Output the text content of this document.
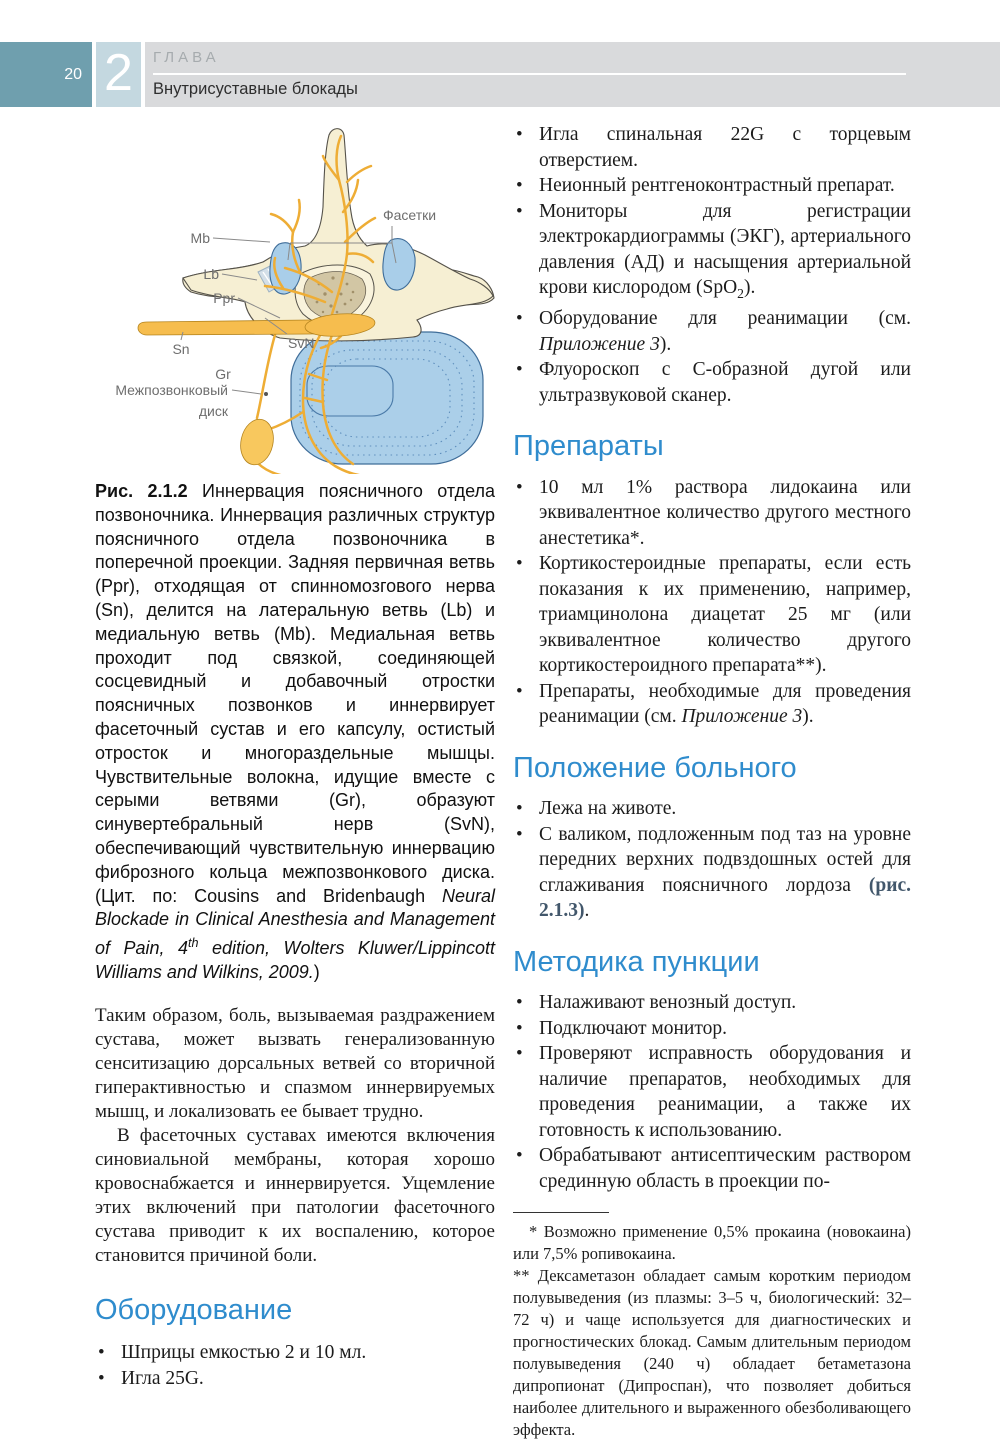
20 2	ГЛАВА
Внутрисуставные блокады
Фасетки
Mb
Lb
Ppr
Sn	SvN
Gr
Межпозвонковый
диск
Рис. 2.1.2 Иннервация поясничного отдела позвоночника. Иннервация различных структур поясничного отдела позвоночника в поперечной проекции. Задняя первичная ветвь (Ppr), отходящая от спинномозгового нерва (Sn), делится на латеральную ветвь (Lb) и медиальную ветвь (Mb). Медиальная ветвь проходит под связкой, соединяющей сосцевидный и добавочный отростки поясничных позвонков и иннервирует фасеточный сустав и его капсулу, остистый отросток и многораздельные мышцы. Чувствительные волокна, идущие вместе с серыми ветвями (Gr), образуют синувертебральный нерв (SvN), обеспечивающий чувствительную иннервацию фиброзного кольца межпозвонкового диска. (Цит. по: Cousins and Bridenbaugh Neural Blockade in Clinical Anesthesia and Management of Pain, 4th edition, Wolters Kluwer/Lippincott Williams and Wilkins, 2009.)

Таким образом, боль, вызываемая раздражением сустава, может вызвать генерализованную сенситизацию дорсальных ветвей со вторичной гиперактивностью и спазмом иннервируемых мышц, и локализовать ее бывает трудно.

В фасеточных суставах имеются включения синовиальной мембраны, которая хорошо кровоснабжается и иннервируется. Ущемление этих включений при патологии фасеточного сустава приводит к их воспалению, которое становится причиной боли.

Оборудование
• Шприцы емкостью 2 и 10 мл.
• Игла 25G.
• Игла спинальная 22G с торцевым отверстием.
• Неионный рентгеноконтрастный препарат.
• Мониторы для регистрации электрокардиограммы (ЭКГ), артериального давления (АД) и насыщения артериальной крови кислородом (SpO$_2$).
• Оборудование для реанимации (см. Приложение 3).
• Флуороскоп с С-образной дугой или ультразвуковой сканер.
Препараты
• 10 мл 1% раствора лидокаина или эквивалентное количество другого местного анестетика*.
• Кортикостероидные препараты, если есть показания к их применению, например, триамцинолона диацетат 25 мг (или эквивалентное количество другого кортикостероидного препарата**).
• Препараты, необходимые для проведения реанимации (см. Приложение 3).
Положение больного
• Лежа на животе.
• С валиком, подложенным под таз на уровне передних верхних подвздошных остей для сглаживания поясничного лордоза (рис. 2.1.3).
Методика пункции
• Налаживают венозный доступ.
• Подключают монитор.
• Проверяют исправность оборудования и наличие препаратов, необходимых для проведения реанимации, а также их готовность к использованию.
• Обрабатывают антисептическим раствором срединную область в проекции по-

* Возможно применение 0,5% прокаина (новокаина) или 7,5% ропивокаина.

** Дексаметазон обладает самым коротким периодом полувыведения (из плазмы: 3–5 ч, биологический: 32–72 ч) и чаще используется для диагностических и прогностических блокад. Самым длительным периодом полувыведения (240 ч) обладает бетаметазона дипропионат (Дипроспан), что позволяет добиться наиболее длительного и выраженного обезболивающего эффекта.
